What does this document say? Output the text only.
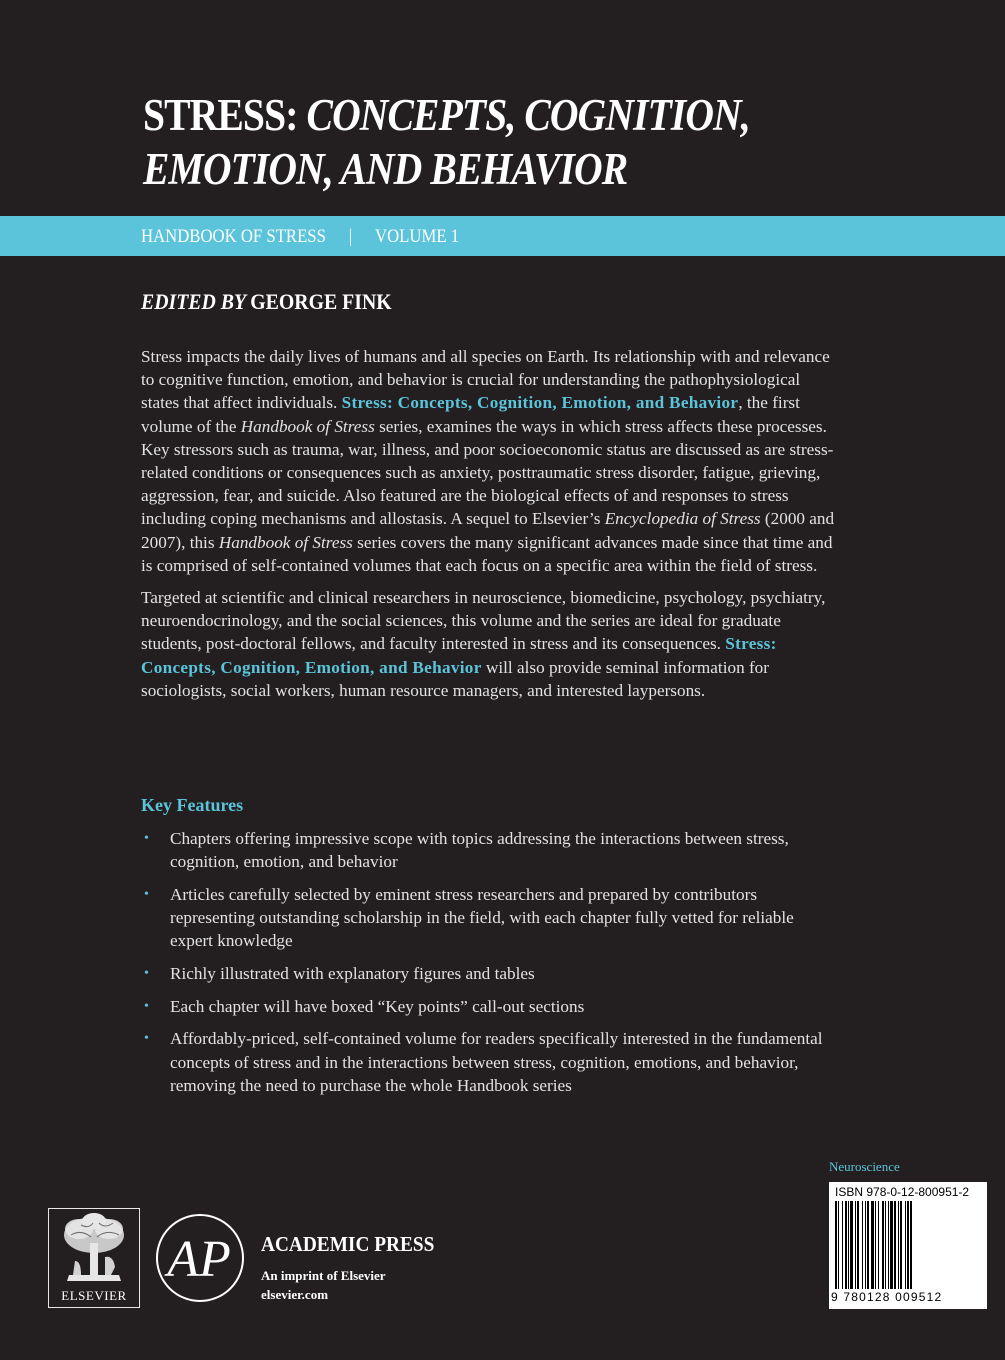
STRESS: CONCEPTS, COGNITION,
EMOTION, AND BEHAVIOR
HANDBOOK OF STRESS | VOLUME 1
EDITED BY GEORGE FINK

Stress impacts the daily lives of humans and all species on Earth. Its relationship with and relevance to cognitive function, emotion, and behavior is crucial for understanding the pathophysiological states that affect individuals. Stress: Concepts, Cognition, Emotion, and Behavior, the first volume of the Handbook of Stress series, examines the ways in which stress affects these processes. Key stressors such as trauma, war, illness, and poor socioeconomic status are discussed as are stress-related conditions or consequences such as anxiety, posttraumatic stress disorder, fatigue, grieving, aggression, fear, and suicide. Also featured are the biological effects of and responses to stress including coping mechanisms and allostasis. A sequel to Elsevier’s Encyclopedia of Stress (2000 and 2007), this Handbook of Stress series covers the many significant advances made since that time and is comprised of self-contained volumes that each focus on a specific area within the field of stress.

Targeted at scientific and clinical researchers in neuroscience, biomedicine, psychology, psychiatry, neuroendocrinology, and the social sciences, this volume and the series are ideal for graduate students, post-doctoral fellows, and faculty interested in stress and its consequences. Stress: Concepts, Cognition, Emotion, and Behavior will also provide seminal information for sociologists, social workers, human resource managers, and interested laypersons.

Key Features
• Chapters offering impressive scope with topics addressing the interactions between stress, cognition, emotion, and behavior
• Articles carefully selected by eminent stress researchers and prepared by contributors representing outstanding scholarship in the field, with each chapter fully vetted for reliable expert knowledge
• Richly illustrated with explanatory figures and tables
• Each chapter will have boxed “Key points” call-out sections
• Affordably-priced, self-contained volume for readers specifically interested in the fundamental concepts of stress and in the interactions between stress, cognition, emotions, and behavior, removing the need to purchase the whole Handbook series
Neuroscience
ISBN 978-0-12-800951-2
9 780128 009512
ELSEVIER
AP ACADEMIC PRESS
An imprint of Elsevier
elsevier.com
